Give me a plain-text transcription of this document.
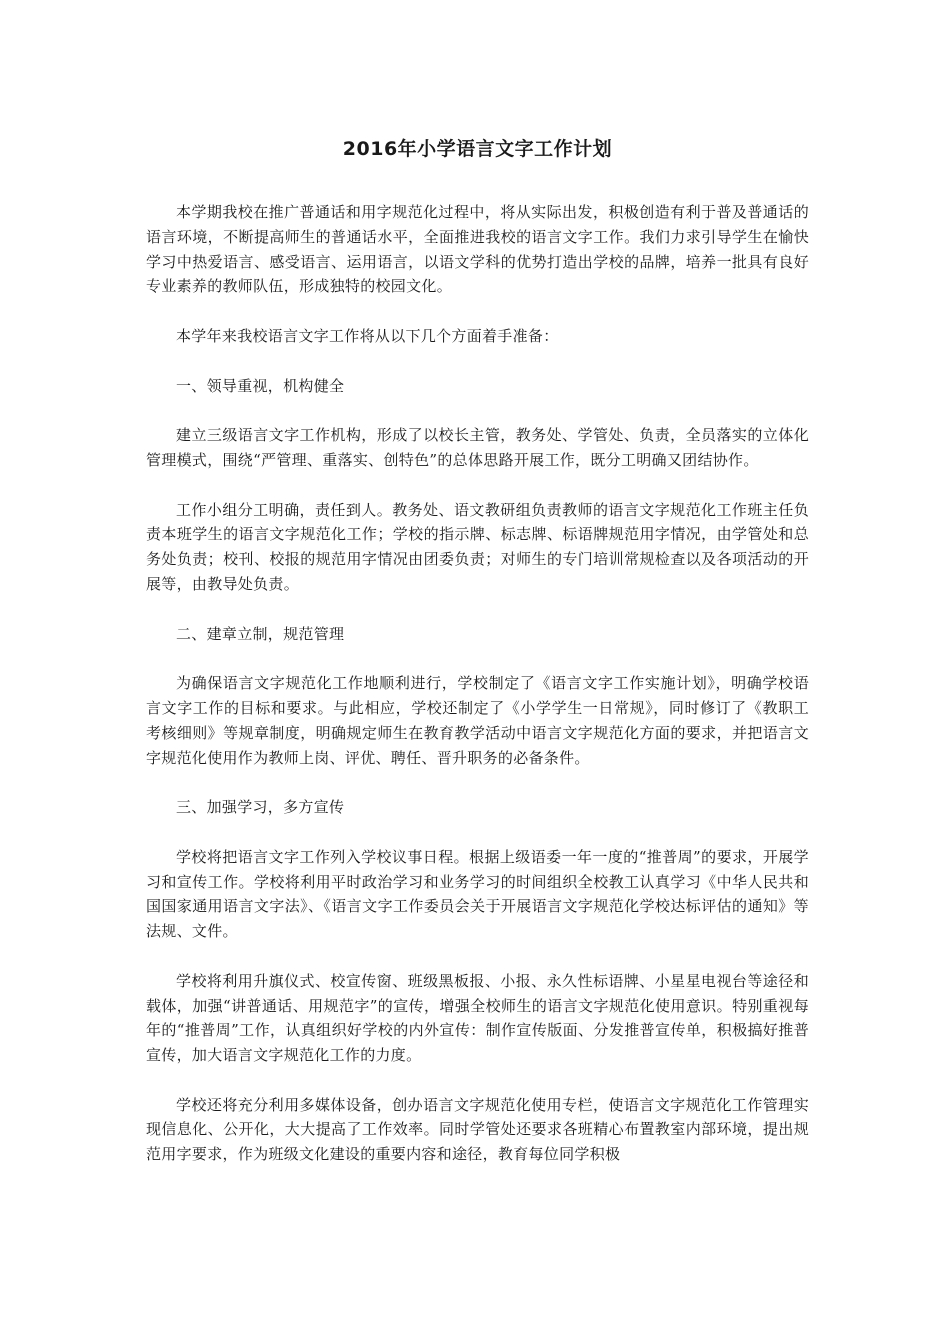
2016年小学语言文字工作计划

本学期我校在推广普通话和用字规范化过程中，将从实际出发，积极创造有利于普及普通话的语言环境，不断提高师生的普通话水平，全面推进我校的语言文字工作。我们力求引导学生在愉快学习中热爱语言、感受语言、运用语言，以语文学科的优势打造出学校的品牌，培养一批具有良好专业素养的教师队伍，形成独特的校园文化。

本学年来我校语言文字工作将从以下几个方面着手准备：

一、领导重视，机构健全

建立三级语言文字工作机构，形成了以校长主管，教务处、学管处、负责，全员落实的立体化管理模式，围绕“严管理、重落实、创特色”的总体思路开展工作，既分工明确又团结协作。

工作小组分工明确，责任到人。教务处、语文教研组负责教师的语言文字规范化工作班主任负责本班学生的语言文字规范化工作；学校的指示牌、标志牌、标语牌规范用字情况，由学管处和总务处负责；校刊、校报的规范用字情况由团委负责；对师生的专门培训常规检查以及各项活动的开展等，由教导处负责。

二、建章立制，规范管理

为确保语言文字规范化工作地顺利进行，学校制定了《语言文字工作实施计划》，明确学校语言文字工作的目标和要求。与此相应，学校还制定了《小学学生一日常规》，同时修订了《教职工考核细则》等规章制度，明确规定师生在教育教学活动中语言文字规范化方面的要求，并把语言文字规范化使用作为教师上岗、评优、聘任、晋升职务的必备条件。

三、加强学习，多方宣传

学校将把语言文字工作列入学校议事日程。根据上级语委一年一度的“推普周”的要求，开展学习和宣传工作。学校将利用平时政治学习和业务学习的时间组织全校教工认真学习《中华人民共和国国家通用语言文字法》、《语言文字工作委员会关于开展语言文字规范化学校达标评估的通知》等法规、文件。

学校将利用升旗仪式、校宣传窗、班级黑板报、小报、永久性标语牌、小星星电视台等途径和载体，加强“讲普通话、用规范字”的宣传，增强全校师生的语言文字规范化使用意识。特别重视每年的“推普周”工作，认真组织好学校的内外宣传：制作宣传版面、分发推普宣传单，积极搞好推普宣传，加大语言文字规范化工作的力度。

学校还将充分利用多媒体设备，创办语言文字规范化使用专栏，使语言文字规范化工作管理实现信息化、公开化，大大提高了工作效率。同时学管处还要求各班精心布置教室内部环境，提出规范用字要求，作为班级文化建设的重要内容和途径，教育每位同学积极
